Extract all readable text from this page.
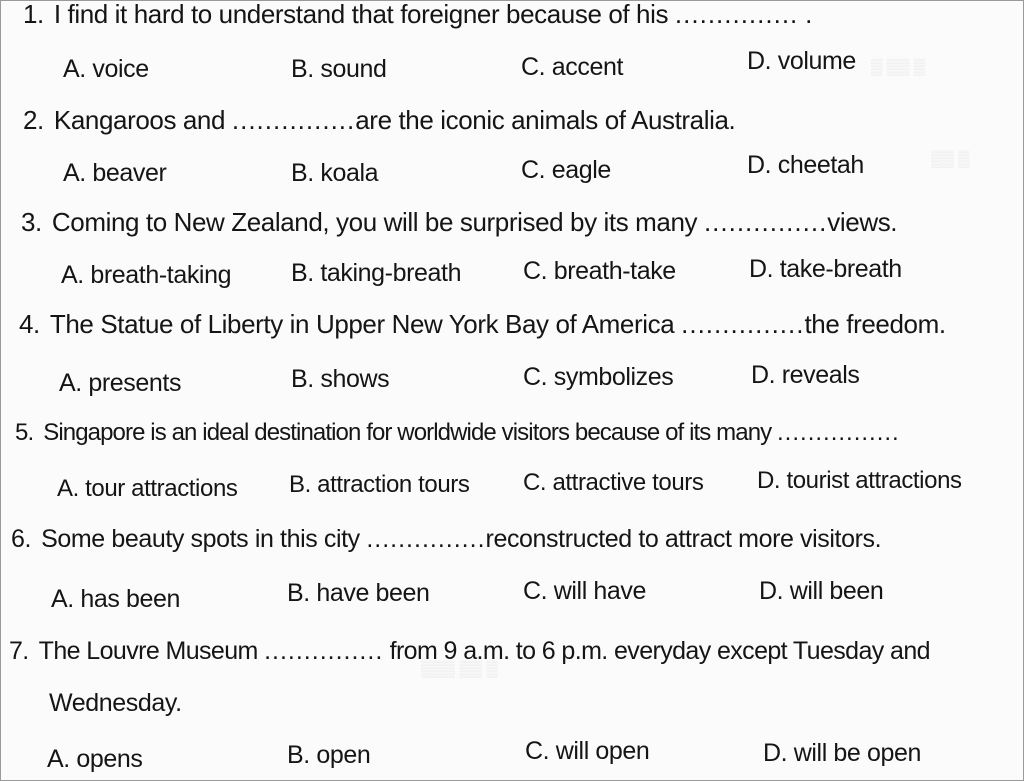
▒ ▒▒ ▒
▒▒ ▒
▒▒▒ ▒▒ ▒
1. I find it hard to understand that foreigner because of his ............... .
A. voice	B. sound	C. accent	D. volume
2. Kangaroos and ...............are the iconic animals of Australia.
A. beaver	B. koala	C. eagle	D. cheetah
3. Coming to New Zealand, you will be surprised by its many ...............views.
A. breath-taking B. taking-breath C. breath-take	D. take-breath
4. The Statue of Liberty in Upper New York Bay of America ...............the freedom.
A. presents	B. shows	C. symbolizes	D. reveals
5. Singapore is an ideal destination for worldwide visitors because of its many ................
A. tour attractions B. attraction tours C. attractive tours D. tourist attractions
6. Some beauty spots in this city ...............reconstructed to attract more visitors.
A. has been	B. have been	C. will have	D. will been
7. The Louvre Museum ............... from 9 a.m. to 6 p.m. everyday except Tuesday and
Wednesday.
A. opens	B. open	C. will open	D. will be open
